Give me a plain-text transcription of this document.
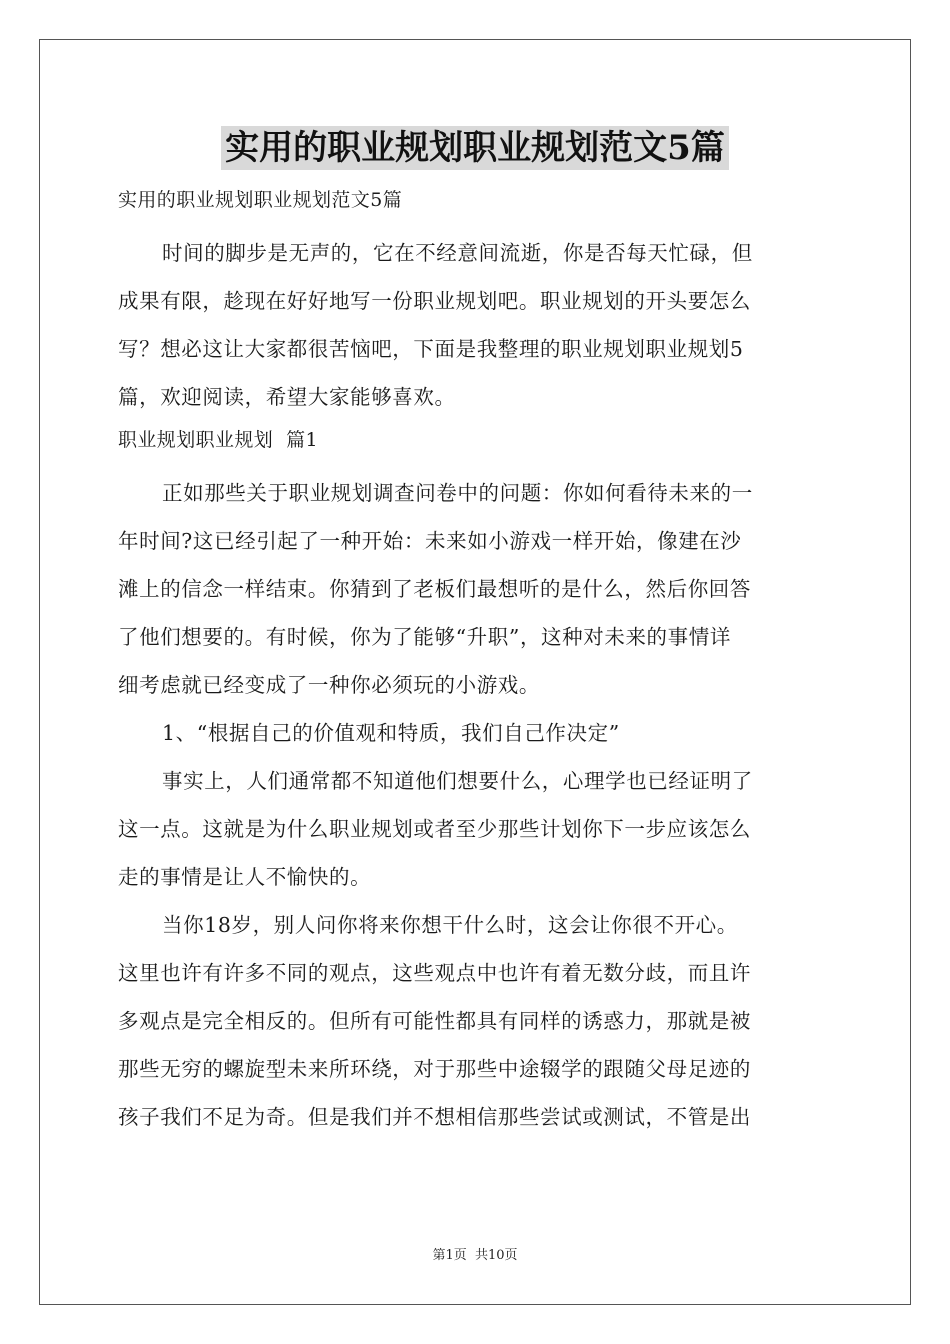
实用的职业规划职业规划范文5篇
实用的职业规划职业规划范文5篇
时间的脚步是无声的，它在不经意间流逝，你是否每天忙碌，但
成果有限，趁现在好好地写一份职业规划吧。职业规划的开头要怎么
写？想必这让大家都很苦恼吧，下面是我整理的职业规划职业规划5
篇，欢迎阅读，希望大家能够喜欢。
职业规划职业规划  篇1
正如那些关于职业规划调查问卷中的问题：你如何看待未来的一
年时间?这已经引起了一种开始：未来如小游戏一样开始，像建在沙
滩上的信念一样结束。你猜到了老板们最想听的是什么，然后你回答
了他们想要的。有时候，你为了能够“升职”，这种对未来的事情详
细考虑就已经变成了一种你必须玩的小游戏。
1、“根据自己的价值观和特质，我们自己作决定”
事实上，人们通常都不知道他们想要什么，心理学也已经证明了
这一点。这就是为什么职业规划或者至少那些计划你下一步应该怎么
走的事情是让人不愉快的。
当你18岁，别人问你将来你想干什么时，这会让你很不开心。
这里也许有许多不同的观点，这些观点中也许有着无数分歧，而且许
多观点是完全相反的。但所有可能性都具有同样的诱惑力，那就是被
那些无穷的螺旋型未来所环绕，对于那些中途辍学的跟随父母足迹的
孩子我们不足为奇。但是我们并不想相信那些尝试或测试，不管是出
第1页  共10页
